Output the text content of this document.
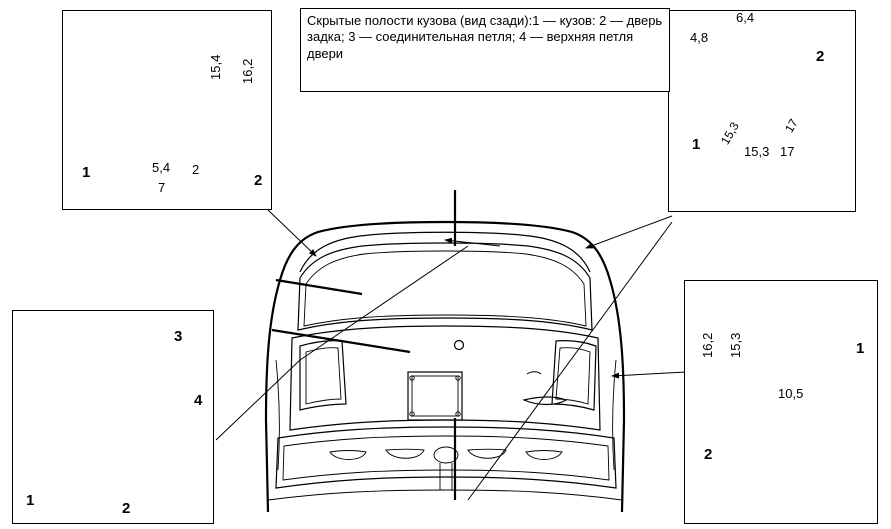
Скрытые полости кузова (вид сзади):1 — кузов: 2 — дверь задка; 3 — соединительная петля; 4 — верхняя петля двери
15,4 16,2
5,4
7
2
1	2
6,4
4,8
15,3	17
15,3 17
1
2
3
4
1	2
16,2 15,3
10,5
1
2
